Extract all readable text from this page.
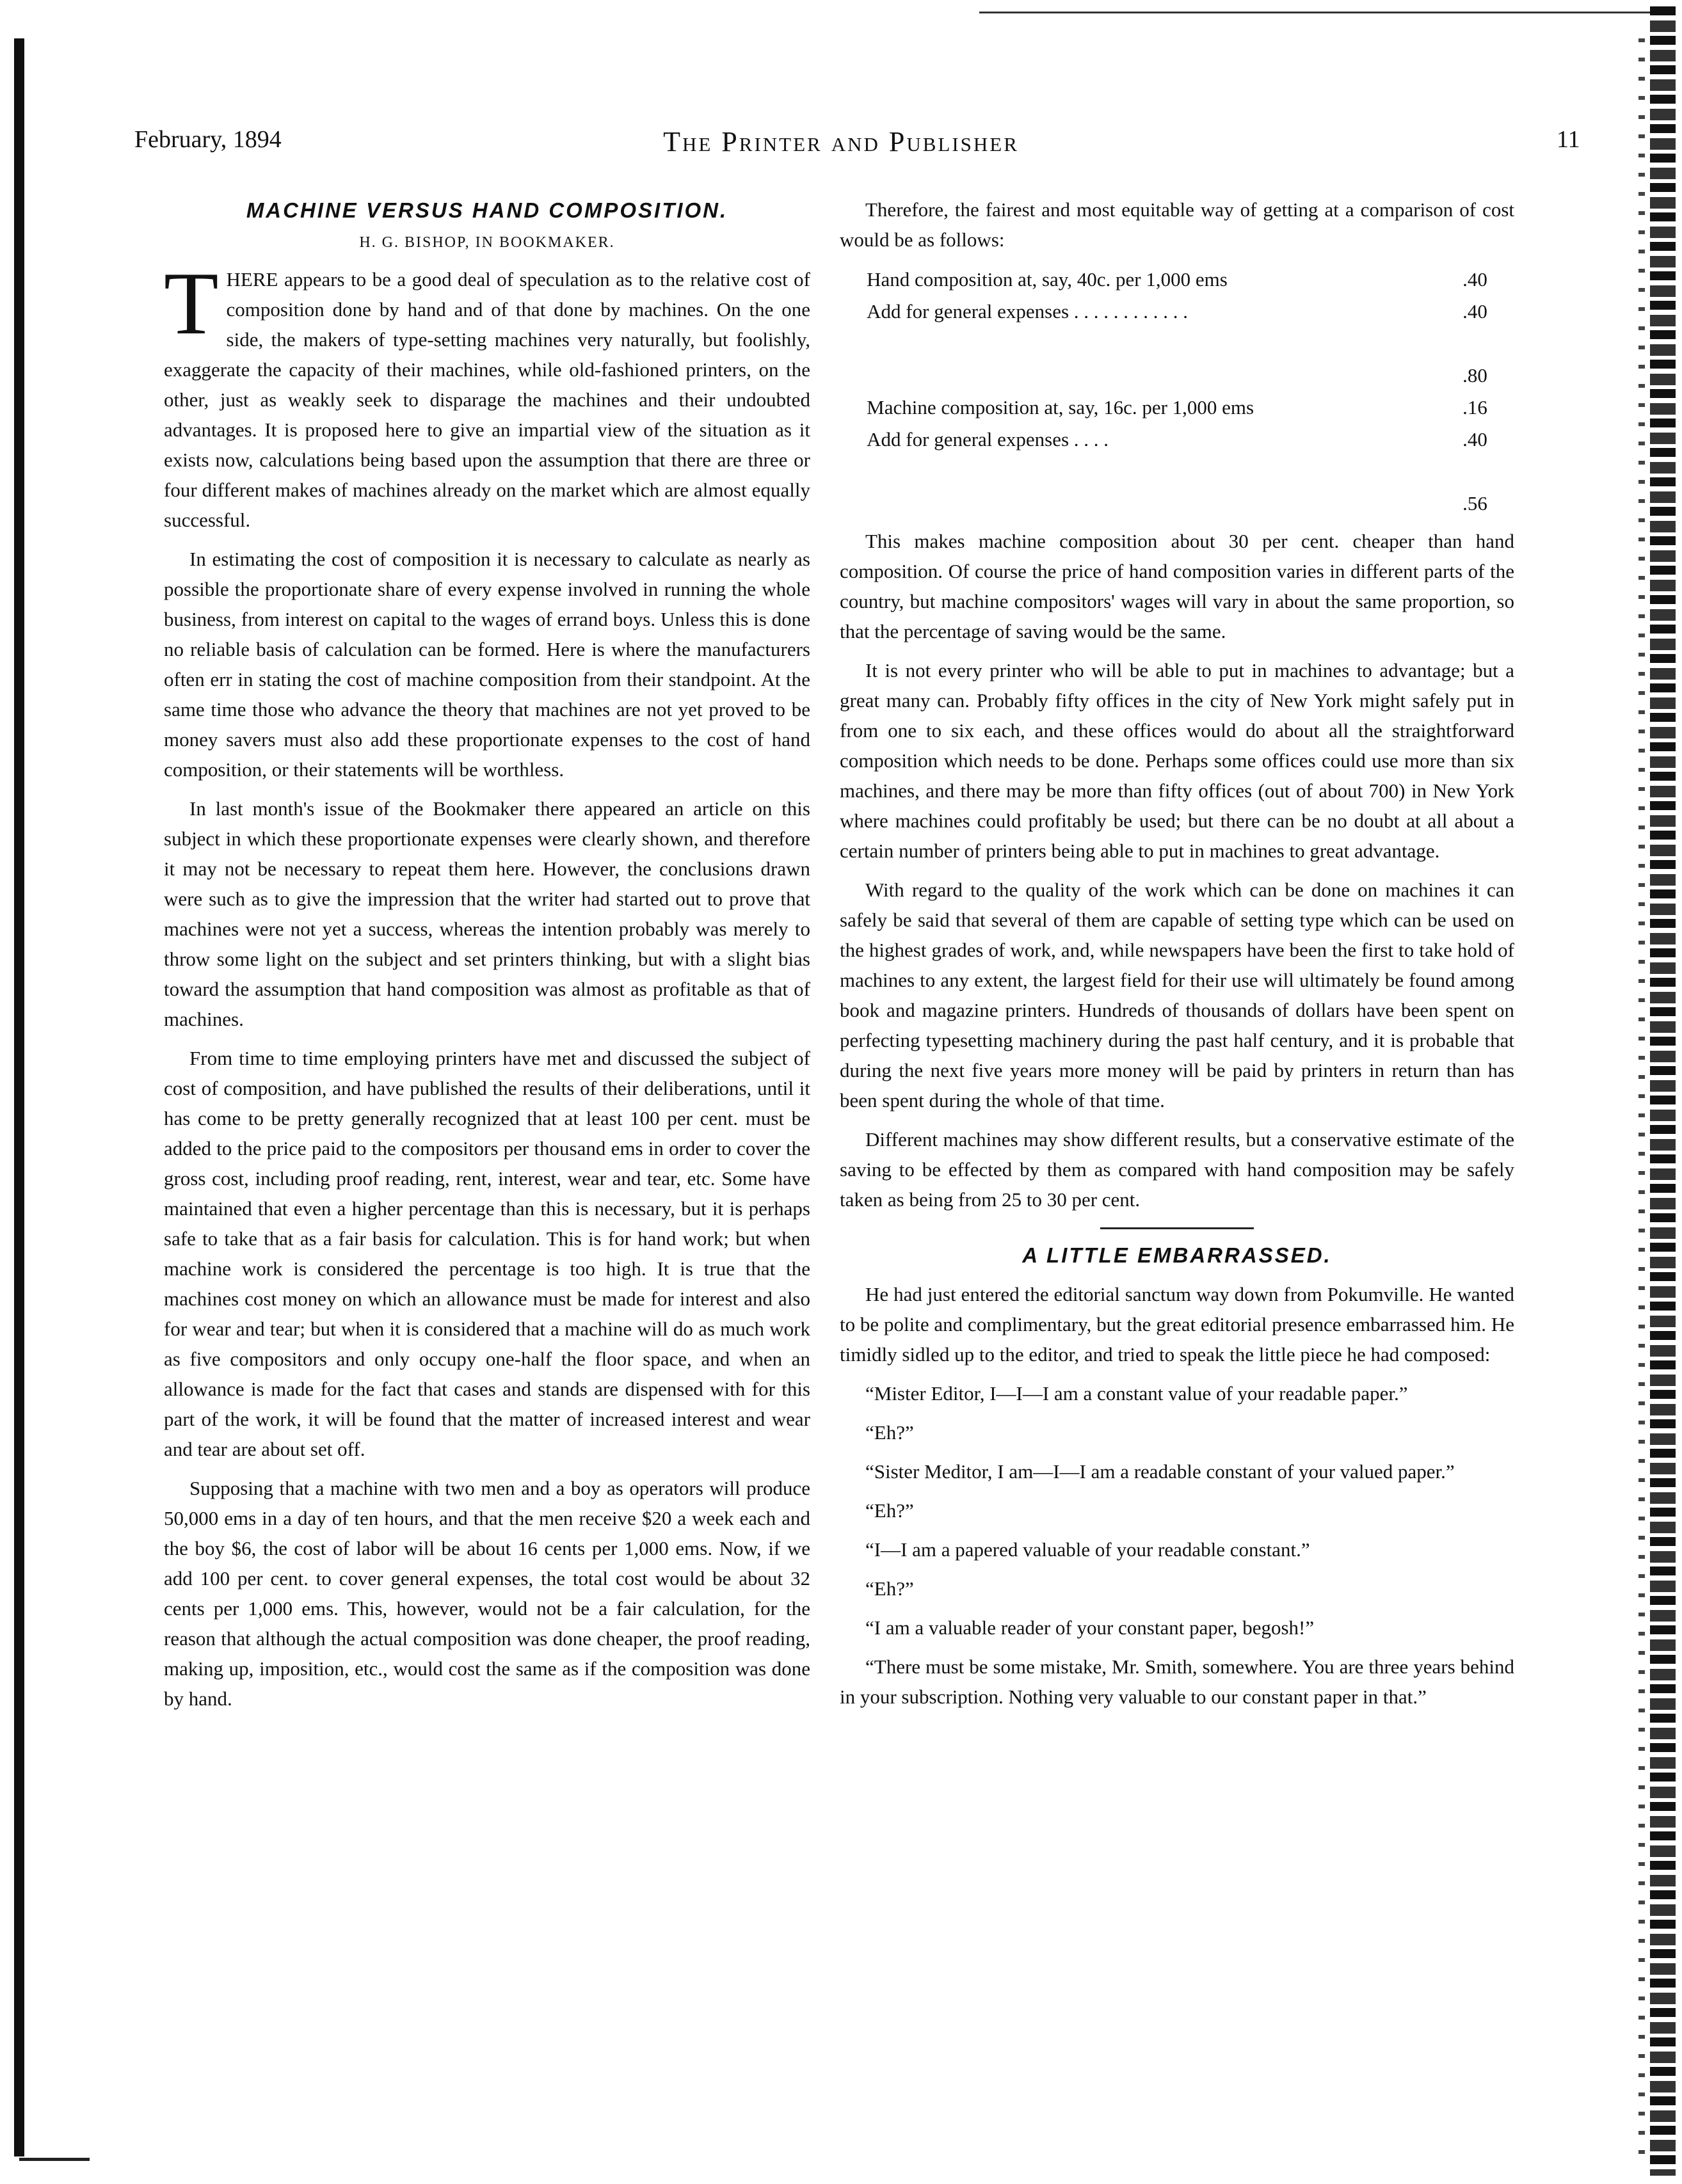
February, 1894	The Printer and Publisher	11
MACHINE VERSUS HAND COMPOSITION.
H. G. BISHOP, IN BOOKMAKER.

THERE appears to be a good deal of speculation as to the relative cost of composition done by hand and of that done by machines. On the one side, the makers of type-setting machines very naturally, but foolishly, exaggerate the capacity of their machines, while old-fashioned printers, on the other, just as weakly seek to disparage the machines and their undoubted advantages. It is proposed here to give an impartial view of the situation as it exists now, calculations being based upon the assumption that there are three or four different makes of machines already on the market which are almost equally successful.

In estimating the cost of composition it is necessary to calculate as nearly as possible the proportionate share of every expense involved in running the whole business, from interest on capital to the wages of errand boys. Unless this is done no reliable basis of calculation can be formed. Here is where the manufacturers often err in stating the cost of machine composition from their standpoint. At the same time those who advance the theory that machines are not yet proved to be money savers must also add these proportionate expenses to the cost of hand composition, or their statements will be worthless.

In last month's issue of the Bookmaker there appeared an article on this subject in which these proportionate expenses were clearly shown, and therefore it may not be necessary to repeat them here. However, the conclusions drawn were such as to give the impression that the writer had started out to prove that machines were not yet a success, whereas the intention probably was merely to throw some light on the subject and set printers thinking, but with a slight bias toward the assumption that hand composition was almost as profitable as that of machines.

From time to time employing printers have met and discussed the subject of cost of composition, and have published the results of their deliberations, until it has come to be pretty generally recognized that at least 100 per cent. must be added to the price paid to the compositors per thousand ems in order to cover the gross cost, including proof reading, rent, interest, wear and tear, etc. Some have maintained that even a higher percentage than this is necessary, but it is perhaps safe to take that as a fair basis for calculation. This is for hand work; but when machine work is considered the percentage is too high. It is true that the machines cost money on which an allowance must be made for interest and also for wear and tear; but when it is considered that a machine will do as much work as five compositors and only occupy one-half the floor space, and when an allowance is made for the fact that cases and stands are dispensed with for this part of the work, it will be found that the matter of increased interest and wear and tear are about set off.

Supposing that a machine with two men and a boy as operators will produce 50,000 ems in a day of ten hours, and that the men receive $20 a week each and the boy $6, the cost of labor will be about 16 cents per 1,000 ems. Now, if we add 100 per cent. to cover general expenses, the total cost would be about 32 cents per 1,000 ems. This, however, would not be a fair calculation, for the reason that although the actual composition was done cheaper, the proof reading, making up, imposition, etc., would cost the same as if the composition was done by hand.

Therefore, the fairest and most equitable way of getting at a comparison of cost would be as follows:

Hand composition at, say, 40c. per 1,000 ems	.40
Add for general expenses . . . . . . . . . . . .	.40

	.80
Machine composition at, say, 16c. per 1,000 ems	.16
Add for general expenses . . . .	.40

	.56

This makes machine composition about 30 per cent. cheaper than hand composition. Of course the price of hand composition varies in different parts of the country, but machine compositors' wages will vary in about the same proportion, so that the percentage of saving would be the same.

It is not every printer who will be able to put in machines to advantage; but a great many can. Probably fifty offices in the city of New York might safely put in from one to six each, and these offices would do about all the straightforward composition which needs to be done. Perhaps some offices could use more than six machines, and there may be more than fifty offices (out of about 700) in New York where machines could profitably be used; but there can be no doubt at all about a certain number of printers being able to put in machines to great advantage.

With regard to the quality of the work which can be done on machines it can safely be said that several of them are capable of setting type which can be used on the highest grades of work, and, while newspapers have been the first to take hold of machines to any extent, the largest field for their use will ultimately be found among book and magazine printers. Hundreds of thousands of dollars have been spent on perfecting typesetting machinery during the past half century, and it is probable that during the next five years more money will be paid by printers in return than has been spent during the whole of that time.

Different machines may show different results, but a conservative estimate of the saving to be effected by them as compared with hand composition may be safely taken as being from 25 to 30 per cent.

A LITTLE EMBARRASSED.

He had just entered the editorial sanctum way down from Pokumville. He wanted to be polite and complimentary, but the great editorial presence embarrassed him. He timidly sidled up to the editor, and tried to speak the little piece he had composed:

“Mister Editor, I—I—I am a constant value of your readable paper.”

“Eh?”

“Sister Meditor, I am—I—I am a readable constant of your valued paper.”

“Eh?”

“I—I am a papered valuable of your readable constant.”

“Eh?”

“I am a valuable reader of your constant paper, begosh!”

“There must be some mistake, Mr. Smith, somewhere. You are three years behind in your subscription. Nothing very valuable to our constant paper in that.”
